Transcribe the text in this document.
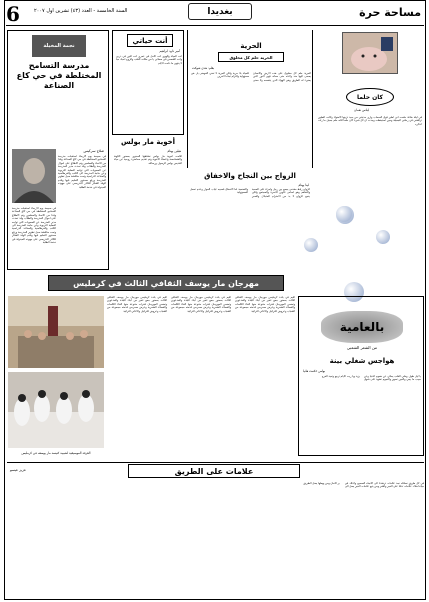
6	السنة الخامسة - العدد (٤٣) تشرين اول ٢٠٠٧	بغديدا	مساحة حرة
نجمة المخيلة
مدرسة التسامح المختلطة في حي كاع الصناعة
صلاح سركيس
في صبيحة يوم الاربعاء استقبلت مدرسة التسامح المختلطة في حي كاع الصناعة وفدا من الاتحاد والمعلمين وتم الاطلاع على احوال المدرسة والطلاب وقد تحدث مدير المدرسة عن الصعوبات التي تواجه العملية التربوية وعن حاجة المدرسة الى الكتب والقرطاسية والمقاعد الدراسية وتمت مناقشة سبل تطوير المدرسة ورفع مستوى التعليم فيها وقدم الوفد الشكر للكادر التدريسي على جهوده المبذولة في خدمة الطلبة
في صبيحة يوم الاربعاء استقبلت مدرسة التسامح المختلطة في حي كاع الصناعة وفدا من الاتحاد والمعلمين وتم الاطلاع على احوال المدرسة والطلاب وقد تحدث مدير المدرسة عن الصعوبات التي تواجه العملية التربوية وعن حاجة المدرسة الى الكتب والقرطاسية والمقاعد الدراسية وتمت مناقشة سبل تطوير المدرسة ورفع مستوى التعليم فيها وقدم الوفد الشكر للكادر التدريسي على جهوده المبذولة في خدمة الطلبة
أنت حياتي
أمير داود ابراهيم
انت الحياة والهوى انت الامل في عمري انت النور في دربي وانت الشمس في سمائي يا من ملكت القلب والروح احبك حبا لا ينتهي ما دامت الايام
أخوية مار بولس
هيلين بهنام
اقامت اخوية مار بولس نشاطها السنوي بحضور الكهنة والشمامسة واعضاء الاخوية وتم تقديم محاضرة روحية عن حياة القديس بولس الرسول ورسالته
الحرية
الحرية حلم كل مخلوق
بقلم: هدى شوكت
الحرية حلم كل مخلوق على هذه الارض والانسان يسعى اليها منذ ولادته حتى مماته فهي النور الذي يضيء له الطريق وهي الهواء الذي يتنفسه ولا معنى للحياة بلا حرية ولكن الحرية لا تعني الفوضى بل هي مسؤولية والتزام تجاه الاخرين
الزواج بين النجاح والاخفاق
لينا بهنام
الزواج رباط مقدس يجمع بين رجل وامرأة على المحبة والتفاهم وهو اساس تكوين الاسرة والمجتمع ولكي ينجح الزواج لا بد من الاحترام المتبادل والصبر والتضحية اما الاخفاق فسببه غياب الحوار وعدم تحمل المسؤولية
كان حلما
ايناس نعمان
في ليلة هادئة حلمت اني اطير فوق السحاب وارى مدينتي من بعيد تزينها الاضواء وكانت الطيور ترافقني في رحلتي الجميلة وحين استيقظت وجدت ان كل شيء كان حلما لكنه حلم جميل ما زلت اتذكره
مهرجان مار يوسف الثقافي الثالث في كرمليس
الفرقة الموسيقية لشبيبة كنيسة مار يوسف في كرمليس
اقيم في بلدة كرمليس مهرجان مار يوسف الثقافي الثالث بحضور جمع غفير من ابناء البلدة والمدعوين وتضمن المهرجان فقرات متنوعة منها القاء الكلمات والقصائد الشعرية وعرض مسرحي قدمته مجموعة من الشباب وعروض للتراتيل والاغاني التراثية
اقيم في بلدة كرمليس مهرجان مار يوسف الثقافي الثالث بحضور جمع غفير من ابناء البلدة والمدعوين وتضمن المهرجان فقرات متنوعة منها القاء الكلمات والقصائد الشعرية وعرض مسرحي قدمته مجموعة من الشباب وعروض للتراتيل والاغاني التراثية
اقيم في بلدة كرمليس مهرجان مار يوسف الثقافي الثالث بحضور جمع غفير من ابناء البلدة والمدعوين وتضمن المهرجان فقرات متنوعة منها القاء الكلمات والقصائد الشعرية وعرض مسرحي قدمته مجموعة من الشباب وعروض للتراتيل والاغاني التراثية
بالعامية
من الشعر الشعبي
هواجس شغلي بينة
بولص حكمت هانيا
يا ليل طول وخلي القلب يحكي عن هموم الدنيا وعن حبيب ما يجي والعين تسهر والنجوم تشهد على شوق يزيد ويا ريت الايام ترجع وتعيد الفرح
عزيز عيسو	علامات على الطريق
في كل طريق نسلكه نجد علامات ترشدنا الى الاتجاه الصحيح وكذلك في حياتنا هناك علامات تدلنا على الخير والشر ومن يتبع علامات الخير يصل الى بر الامان ومن يهملها يضل الطريق
